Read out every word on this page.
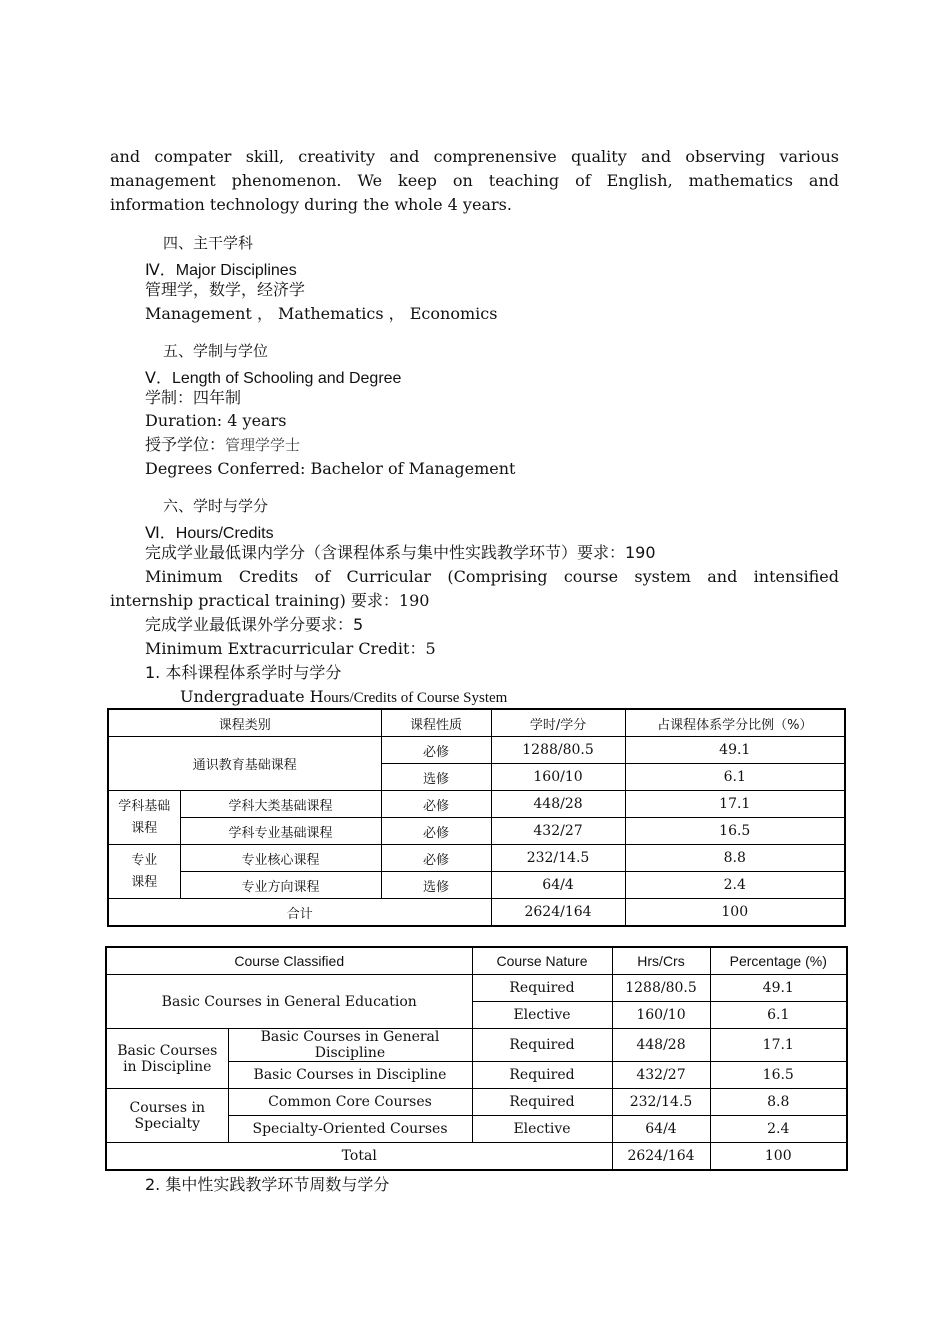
and compater skill, creativity and comprenensive quality and observing various management phenomenon. We keep on teaching of English, mathematics and information technology during the whole 4 years.

四、主干学科
Ⅳ．Major Disciplines
管理学，数学，经济学
Management ， Mathematics ， Economics
五、学制与学位
Ⅴ．Length of Schooling and Degree
学制：四年制
Duration: 4 years
授予学位：管理学学士
Degrees Conferred: Bachelor of Management
六、学时与学分
Ⅵ．Hours/Credits
完成学业最低课内学分（含课程体系与集中性实践教学环节）要求：190

Minimum Credits of Curricular (Comprising course system and intensified

internship practical training) 要求：190

完成学业最低课外学分要求：5
Minimum Extracurricular Credit：5
1. 本科课程体系学时与学分
Undergraduate Hours/Credits of Course System
课程类别		课程性质	学时/学分	占课程体系学分比例（%）
通识教育基础课程		必修	1288/80.5	49.1
		选修	160/10	6.1
学科基础课程	学科大类基础课程	必修	448/28	17.1
	学科专业基础课程	必修	432/27	16.5
专业课程	专业核心课程	必修	232/14.5	8.8
	专业方向课程	选修	64/4	2.4
合计			2624/164	100
Course Classified		Course Nature	Hrs/Crs	Percentage (%)
Basic Courses in General Education		Required	1288/80.5	49.1
		Elective	160/10	6.1
Basic Courses in Discipline	Basic Courses in General Discipline	Required	448/28	17.1
	Basic Courses in Discipline	Required	432/27	16.5
Courses in Specialty	Common Core Courses	Required	232/14.5	8.8
	Specialty-Oriented Courses	Elective	64/4	2.4
Total			2624/164	100
2. 集中性实践教学环节周数与学分
